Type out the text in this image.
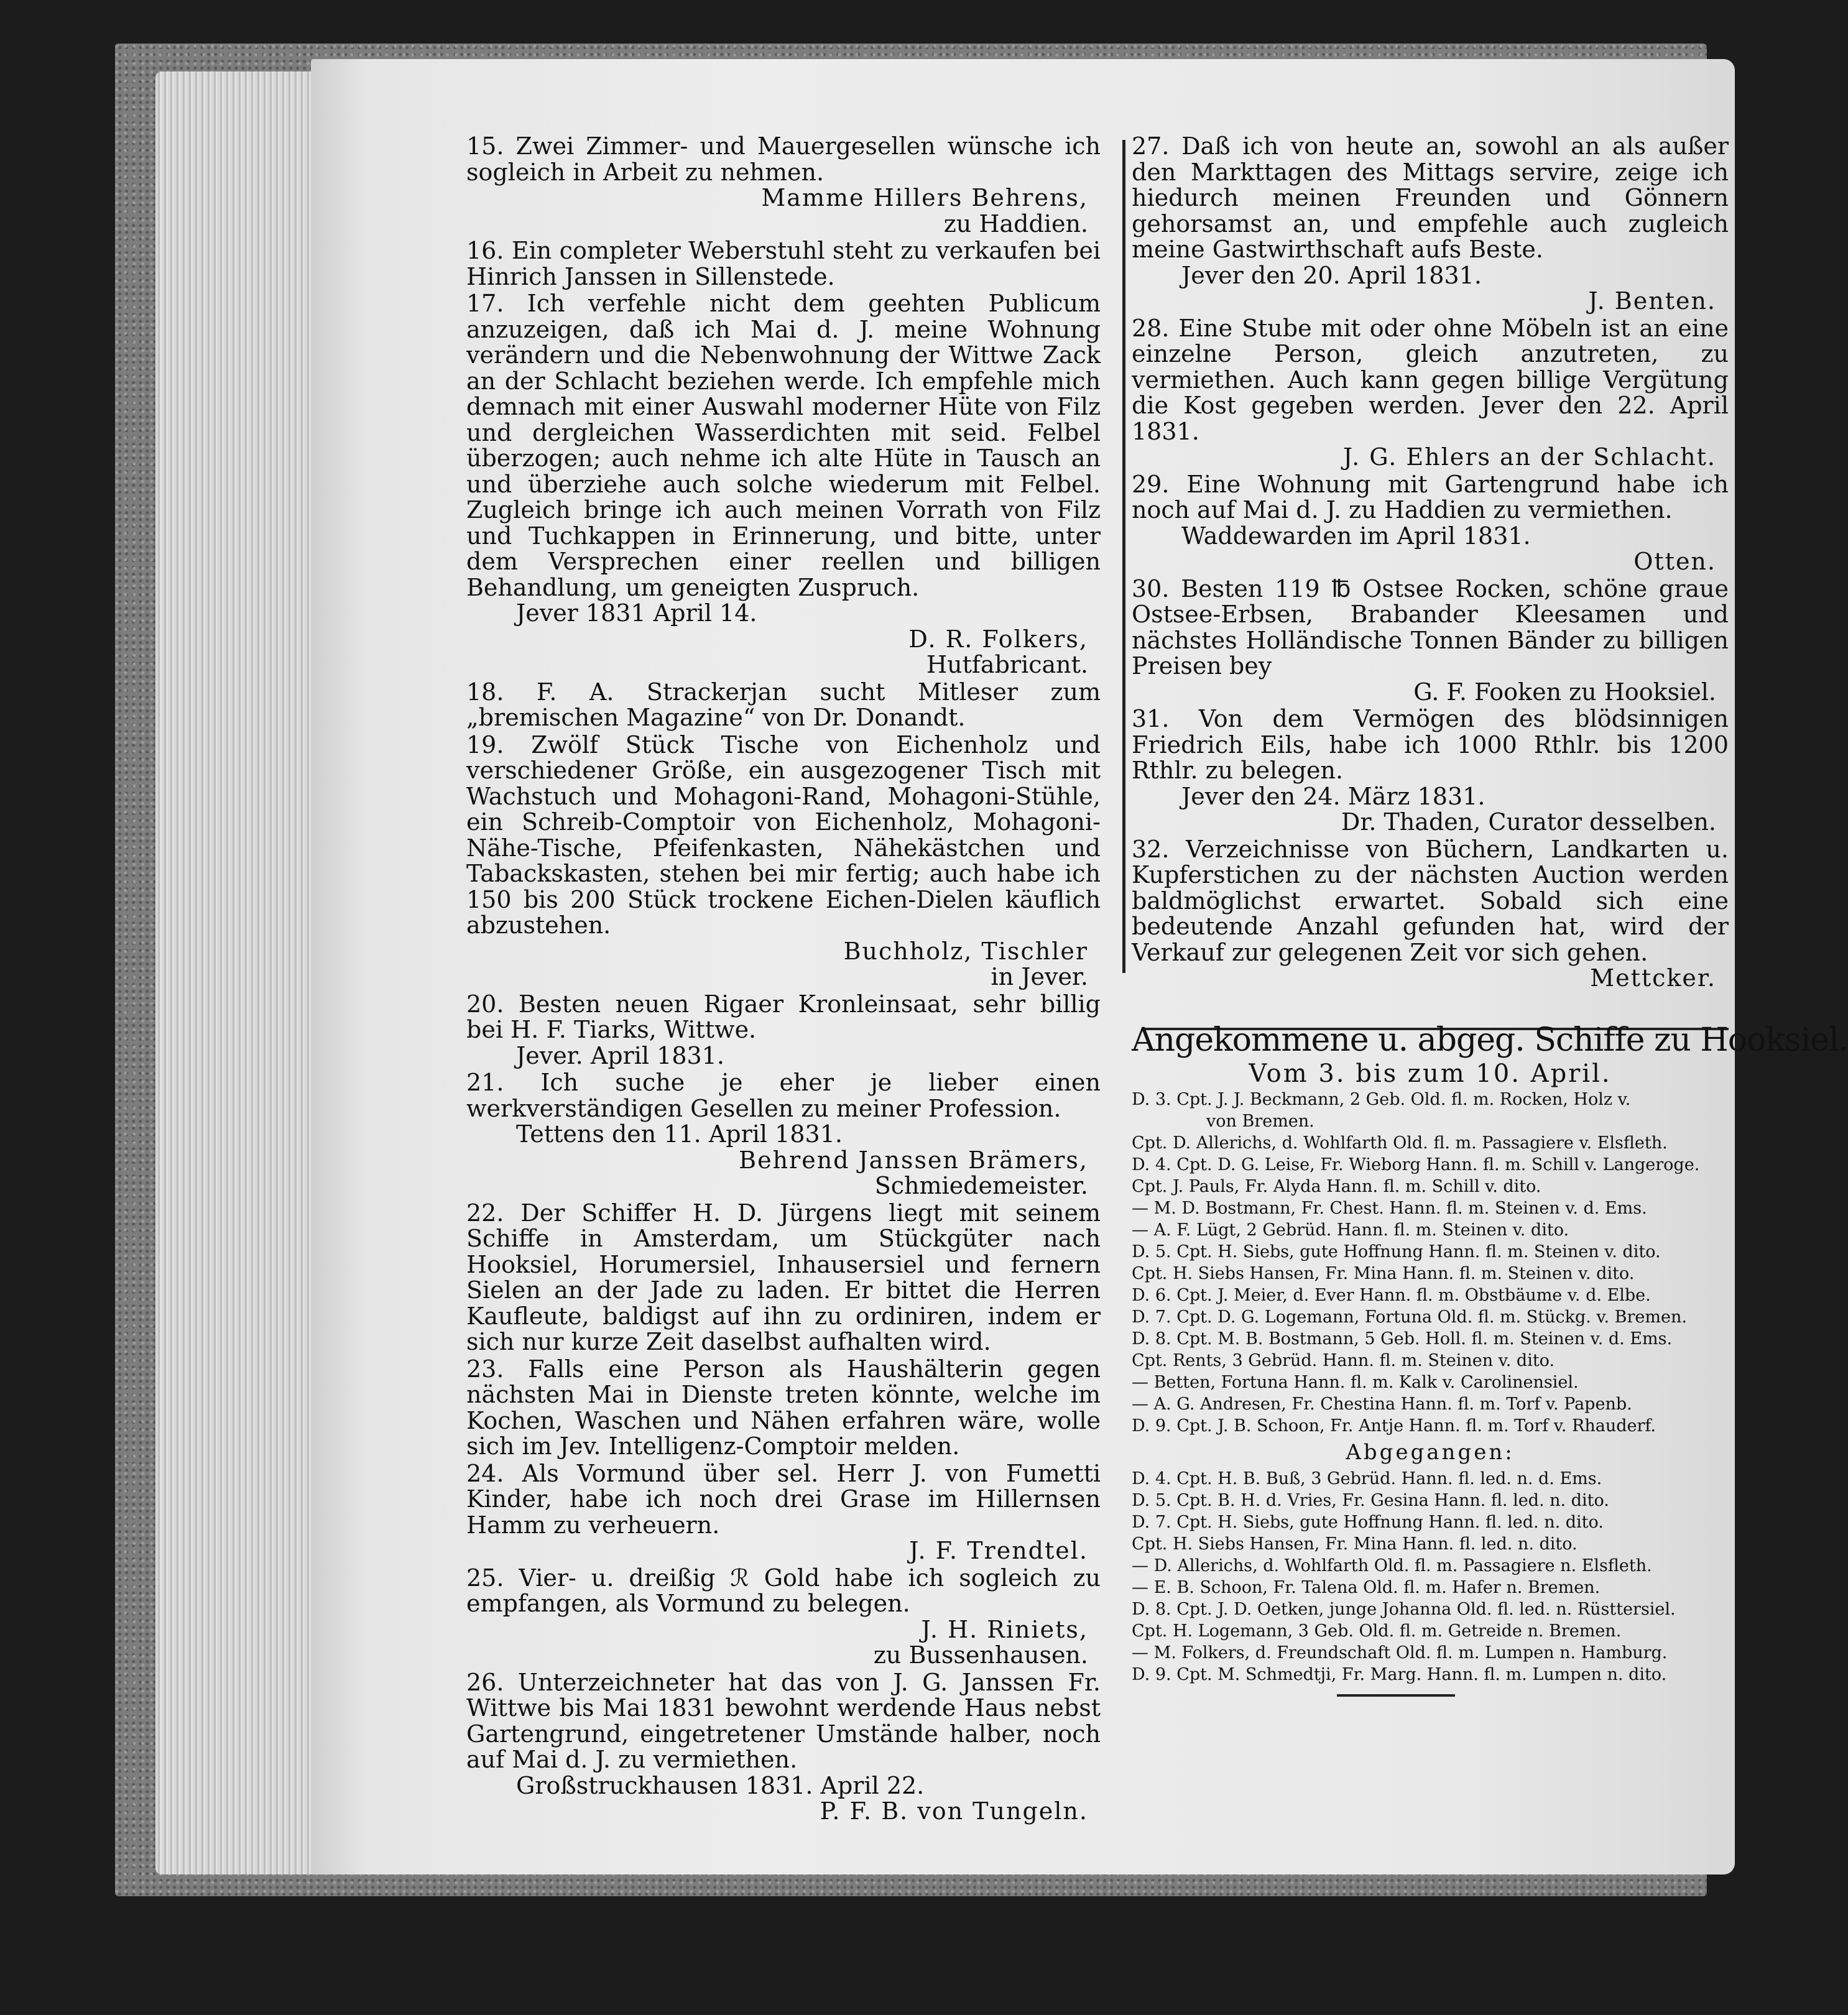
15. Zwei Zimmer- und Mauergesellen wünsche ich sogleich in Arbeit zu nehmen.
Mamme Hillers Behrens,
zu Haddien.
16. Ein completer Weberstuhl steht zu verkaufen bei Hinrich Janssen in Sillenstede.
17. Ich verfehle nicht dem geehten Publicum anzuzeigen, daß ich Mai d. J. meine Wohnung verändern und die Nebenwohnung der Wittwe Zack an der Schlacht beziehen werde. Ich empfehle mich demnach mit einer Auswahl moderner Hüte von Filz und dergleichen Wasserdichten mit seid. Felbel überzogen; auch nehme ich alte Hüte in Tausch an und überziehe auch solche wiederum mit Felbel. Zugleich bringe ich auch meinen Vorrath von Filz und Tuchkappen in Erinnerung, und bitte, unter dem Versprechen einer reellen und billigen Behandlung, um geneigten Zuspruch.
Jever 1831 April 14.
D. R. Folkers,
Hutfabricant.
18. F. A. Strackerjan sucht Mitleser zum „bremischen Magazine“ von Dr. Donandt.
19. Zwölf Stück Tische von Eichenholz und verschiedener Größe, ein ausgezogener Tisch mit Wachstuch und Mohagoni-Rand, Mohagoni-Stühle, ein Schreib-Comptoir von Eichenholz, Mohagoni-Nähe-Tische, Pfeifenkasten, Nähekästchen und Tabackskasten, stehen bei mir fertig; auch habe ich 150 bis 200 Stück trockene Eichen-Dielen käuflich abzustehen.
Buchholz, Tischler
in Jever.
20. Besten neuen Rigaer Kronleinsaat, sehr billig bei H. F. Tiarks, Wittwe.
Jever. April 1831.
21. Ich suche je eher je lieber einen werkverständigen Gesellen zu meiner Profession.
Tettens den 11. April 1831.
Behrend Janssen Brämers,
Schmiedemeister.
22. Der Schiffer H. D. Jürgens liegt mit seinem Schiffe in Amsterdam, um Stückgüter nach Hooksiel, Horumersiel, Inhausersiel und fernern Sielen an der Jade zu laden. Er bittet die Herren Kaufleute, baldigst auf ihn zu ordiniren, indem er sich nur kurze Zeit daselbst aufhalten wird.
23. Falls eine Person als Haushälterin gegen nächsten Mai in Dienste treten könnte, welche im Kochen, Waschen und Nähen erfahren wäre, wolle sich im Jev. Intelligenz-Comptoir melden.
24. Als Vormund über sel. Herr J. von Fumetti Kinder, habe ich noch drei Grase im Hillernsen Hamm zu verheuern.
J. F. Trendtel.
25. Vier- u. dreißig ℛ Gold habe ich sogleich zu empfangen, als Vormund zu belegen.
J. H. Riniets,
zu Bussenhausen.
26. Unterzeichneter hat das von J. G. Janssen Fr. Wittwe bis Mai 1831 bewohnt werdende Haus nebst Gartengrund, eingetretener Umstände halber, noch auf Mai d. J. zu vermiethen.
Großstruckhausen 1831. April 22.
P. F. B. von Tungeln.
27. Daß ich von heute an, sowohl an als außer den Markttagen des Mittags servire, zeige ich hiedurch meinen Freunden und Gönnern gehorsamst an, und empfehle auch zugleich meine Gastwirthschaft aufs Beste.
Jever den 20. April 1831.
J. Benten.
28. Eine Stube mit oder ohne Möbeln ist an eine einzelne Person, gleich anzutreten, zu vermiethen. Auch kann gegen billige Vergütung die Kost gegeben werden. Jever den 22. April 1831.
J. G. Ehlers an der Schlacht.
29. Eine Wohnung mit Gartengrund habe ich noch auf Mai d. J. zu Haddien zu vermiethen.
Waddewarden im April 1831.
Otten.
30. Besten 119 ℔ Ostsee Rocken, schöne graue Ostsee-Erbsen, Brabander Kleesamen und nächstes Holländische Tonnen Bänder zu billigen Preisen bey
G. F. Fooken zu Hooksiel.
31. Von dem Vermögen des blödsinnigen Friedrich Eils, habe ich 1000 Rthlr. bis 1200 Rthlr. zu belegen.
Jever den 24. März 1831.
Dr. Thaden, Curator desselben.
32. Verzeichnisse von Büchern, Landkarten u. Kupferstichen zu der nächsten Auction werden baldmöglichst erwartet. Sobald sich eine bedeutende Anzahl gefunden hat, wird der Verkauf zur gelegenen Zeit vor sich gehen.
Mettcker.
Angekommene u. abgeg. Schiffe zu Hooksiel.
Vom 3. bis zum 10. April.
D. 3. Cpt. J. J. Beckmann, 2 Geb. Old. fl. m. Rocken, Holz v.
von Bremen.
Cpt. D. Allerichs, d. Wohlfarth Old. fl. m. Passagiere v. Elsfleth.
D. 4. Cpt. D. G. Leise, Fr. Wieborg Hann. fl. m. Schill v. Langeroge.
Cpt. J. Pauls, Fr. Alyda Hann. fl. m. Schill v. dito.
— M. D. Bostmann, Fr. Chest. Hann. fl. m. Steinen v. d. Ems.
— A. F. Lügt, 2 Gebrüd. Hann. fl. m. Steinen v. dito.
D. 5. Cpt. H. Siebs, gute Hoffnung Hann. fl. m. Steinen v. dito.
Cpt. H. Siebs Hansen, Fr. Mina Hann. fl. m. Steinen v. dito.
D. 6. Cpt. J. Meier, d. Ever Hann. fl. m. Obstbäume v. d. Elbe.
D. 7. Cpt. D. G. Logemann, Fortuna Old. fl. m. Stückg. v. Bremen.
D. 8. Cpt. M. B. Bostmann, 5 Geb. Holl. fl. m. Steinen v. d. Ems.
Cpt. Rents, 3 Gebrüd. Hann. fl. m. Steinen v. dito.
— Betten, Fortuna Hann. fl. m. Kalk v. Carolinensiel.
— A. G. Andresen, Fr. Chestina Hann. fl. m. Torf v. Papenb.
D. 9. Cpt. J. B. Schoon, Fr. Antje Hann. fl. m. Torf v. Rhauderf.
Abgegangen:
D. 4. Cpt. H. B. Buß, 3 Gebrüd. Hann. fl. led. n. d. Ems.
D. 5. Cpt. B. H. d. Vries, Fr. Gesina Hann. fl. led. n. dito.
D. 7. Cpt. H. Siebs, gute Hoffnung Hann. fl. led. n. dito.
Cpt. H. Siebs Hansen, Fr. Mina Hann. fl. led. n. dito.
— D. Allerichs, d. Wohlfarth Old. fl. m. Passagiere n. Elsfleth.
— E. B. Schoon, Fr. Talena Old. fl. m. Hafer n. Bremen.
D. 8. Cpt. J. D. Oetken, junge Johanna Old. fl. led. n. Rüsttersiel.
Cpt. H. Logemann, 3 Geb. Old. fl. m. Getreide n. Bremen.
— M. Folkers, d. Freundschaft Old. fl. m. Lumpen n. Hamburg.
D. 9. Cpt. M. Schmedtji, Fr. Marg. Hann. fl. m. Lumpen n. dito.
